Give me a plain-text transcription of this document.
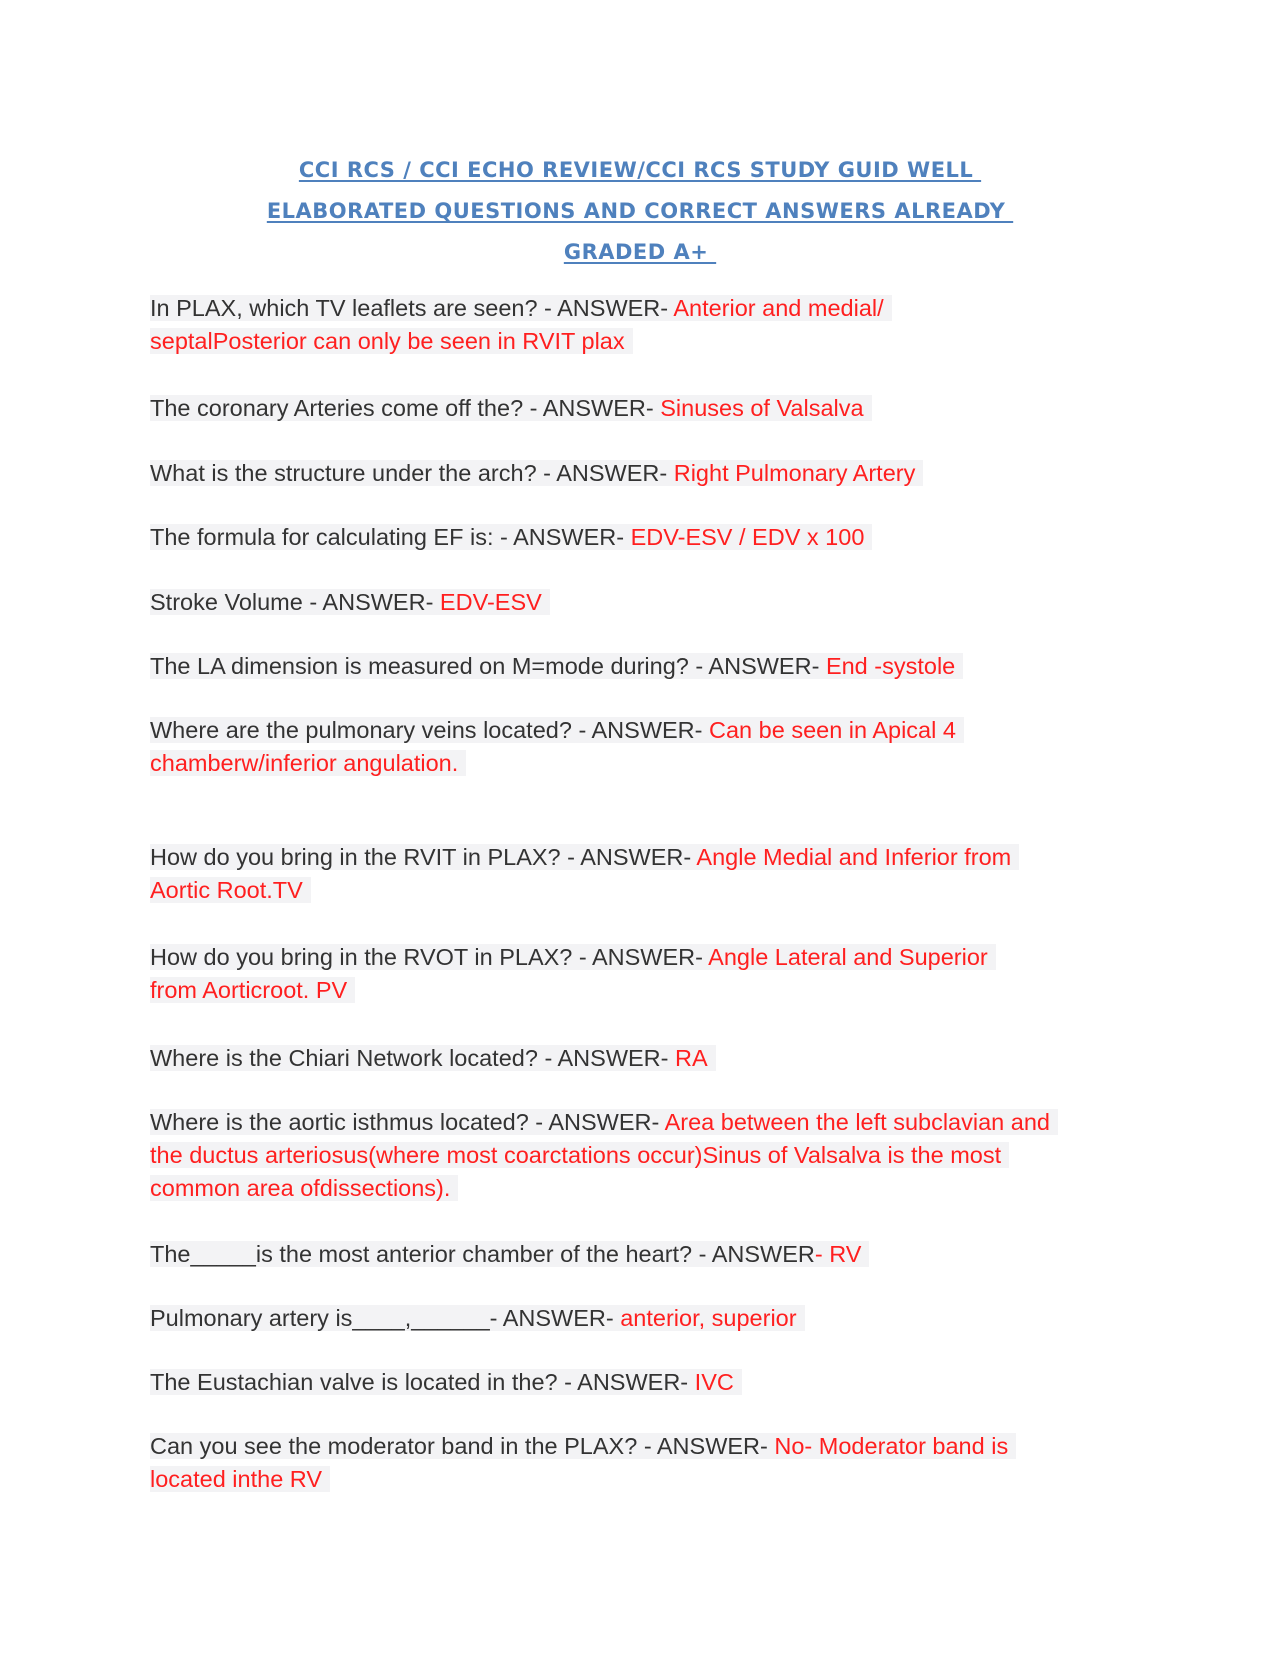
CCI RCS / CCI ECHO REVIEW/CCI RCS STUDY GUID WELL
ELABORATED QUESTIONS AND CORRECT ANSWERS ALREADY
GRADED A+
In PLAX, which TV leaflets are seen? - ANSWER- Anterior and medial/
septalPosterior can only be seen in RVIT plax
The coronary Arteries come off the? - ANSWER- Sinuses of Valsalva
What is the structure under the arch? - ANSWER- Right Pulmonary Artery
The formula for calculating EF is: - ANSWER- EDV-ESV / EDV x 100
Stroke Volume - ANSWER- EDV-ESV
The LA dimension is measured on M=mode during? - ANSWER- End -systole
Where are the pulmonary veins located? - ANSWER- Can be seen in Apical 4
chamberw/inferior angulation.
How do you bring in the RVIT in PLAX? - ANSWER- Angle Medial and Inferior from
Aortic Root.TV
How do you bring in the RVOT in PLAX? - ANSWER- Angle Lateral and Superior
from Aorticroot. PV
Where is the Chiari Network located? - ANSWER- RA
Where is the aortic isthmus located? - ANSWER- Area between the left subclavian and
the ductus arteriosus(where most coarctations occur)Sinus of Valsalva is the most
common area ofdissections).
The_____is the most anterior chamber of the heart? - ANSWER- RV
Pulmonary artery is____,______- ANSWER- anterior, superior
The Eustachian valve is located in the? - ANSWER- IVC
Can you see the moderator band in the PLAX? - ANSWER- No- Moderator band is
located inthe RV
